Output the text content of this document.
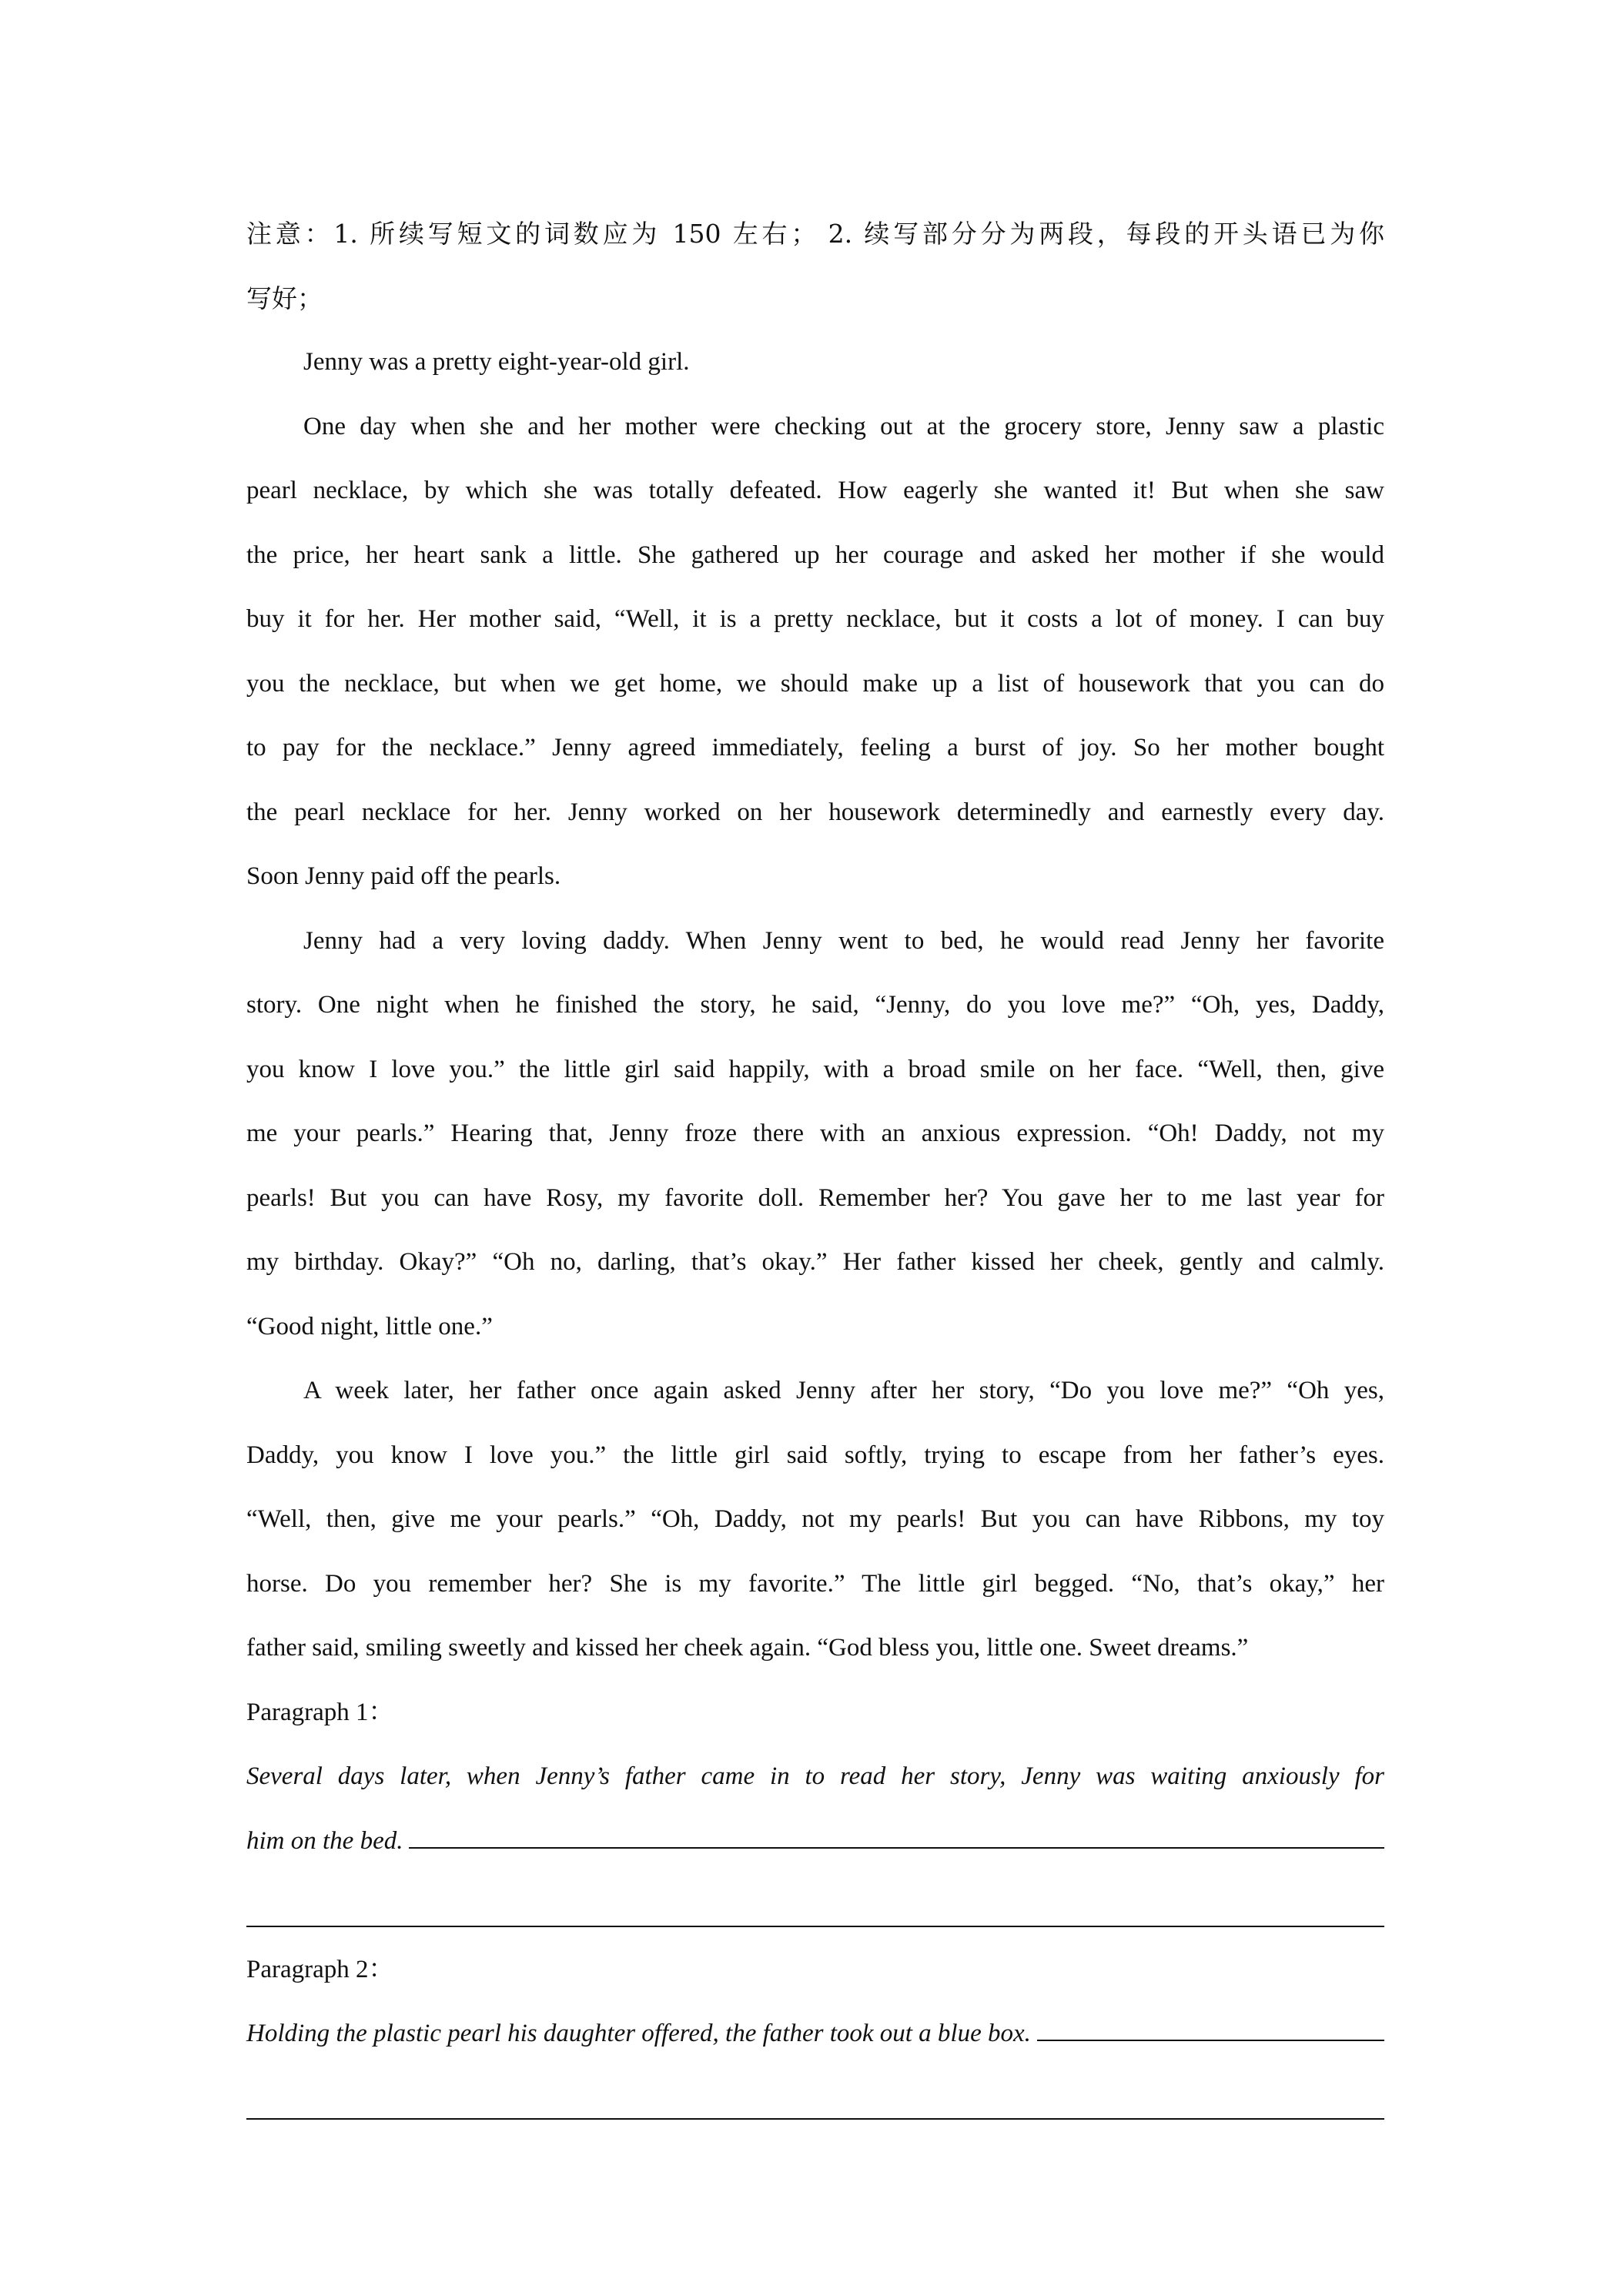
注意：1. 所续写短文的词数应为 150 左右； 2. 续写部分分为两段，每段的开头语已为你

写好；

Jenny was a pretty eight-year-old girl.

One day when she and her mother were checking out at the grocery store, Jenny saw a plastic

pearl necklace, by which she was totally defeated. How eagerly she wanted it! But when she saw

the price, her heart sank a little. She gathered up her courage and asked her mother if she would

buy it for her. Her mother said, “Well, it is a pretty necklace, but it costs a lot of money. I can buy

you the necklace, but when we get home, we should make up a list of housework that you can do

to pay for the necklace.” Jenny agreed immediately, feeling a burst of joy. So her mother bought

the pearl necklace for her. Jenny worked on her housework determinedly and earnestly every day.

Soon Jenny paid off the pearls.

Jenny had a very loving daddy. When Jenny went to bed, he would read Jenny her favorite

story. One night when he finished the story, he said, “Jenny, do you love me?” “Oh, yes, Daddy,

you know I love you.” the little girl said happily, with a broad smile on her face. “Well, then, give

me your pearls.” Hearing that, Jenny froze there with an anxious expression. “Oh! Daddy, not my

pearls! But you can have Rosy, my favorite doll. Remember her? You gave her to me last year for

my birthday. Okay?” “Oh no, darling, that’s okay.” Her father kissed her cheek, gently and calmly.

“Good night, little one.”

A week later, her father once again asked Jenny after her story, “Do you love me?” “Oh yes,

Daddy, you know I love you.” the little girl said softly, trying to escape from her father’s eyes.

“Well, then, give me your pearls.” “Oh, Daddy, not my pearls! But you can have Ribbons, my toy

horse. Do you remember her? She is my favorite.” The little girl begged. “No, that’s okay,” her

father said, smiling sweetly and kissed her cheek again. “God bless you, little one. Sweet dreams.”

Paragraph 1：

Several days later, when Jenny’s father came in to read her story, Jenny was waiting anxiously for

him on the bed.

Paragraph 2：

Holding the plastic pearl his daughter offered, the father took out a blue box.
